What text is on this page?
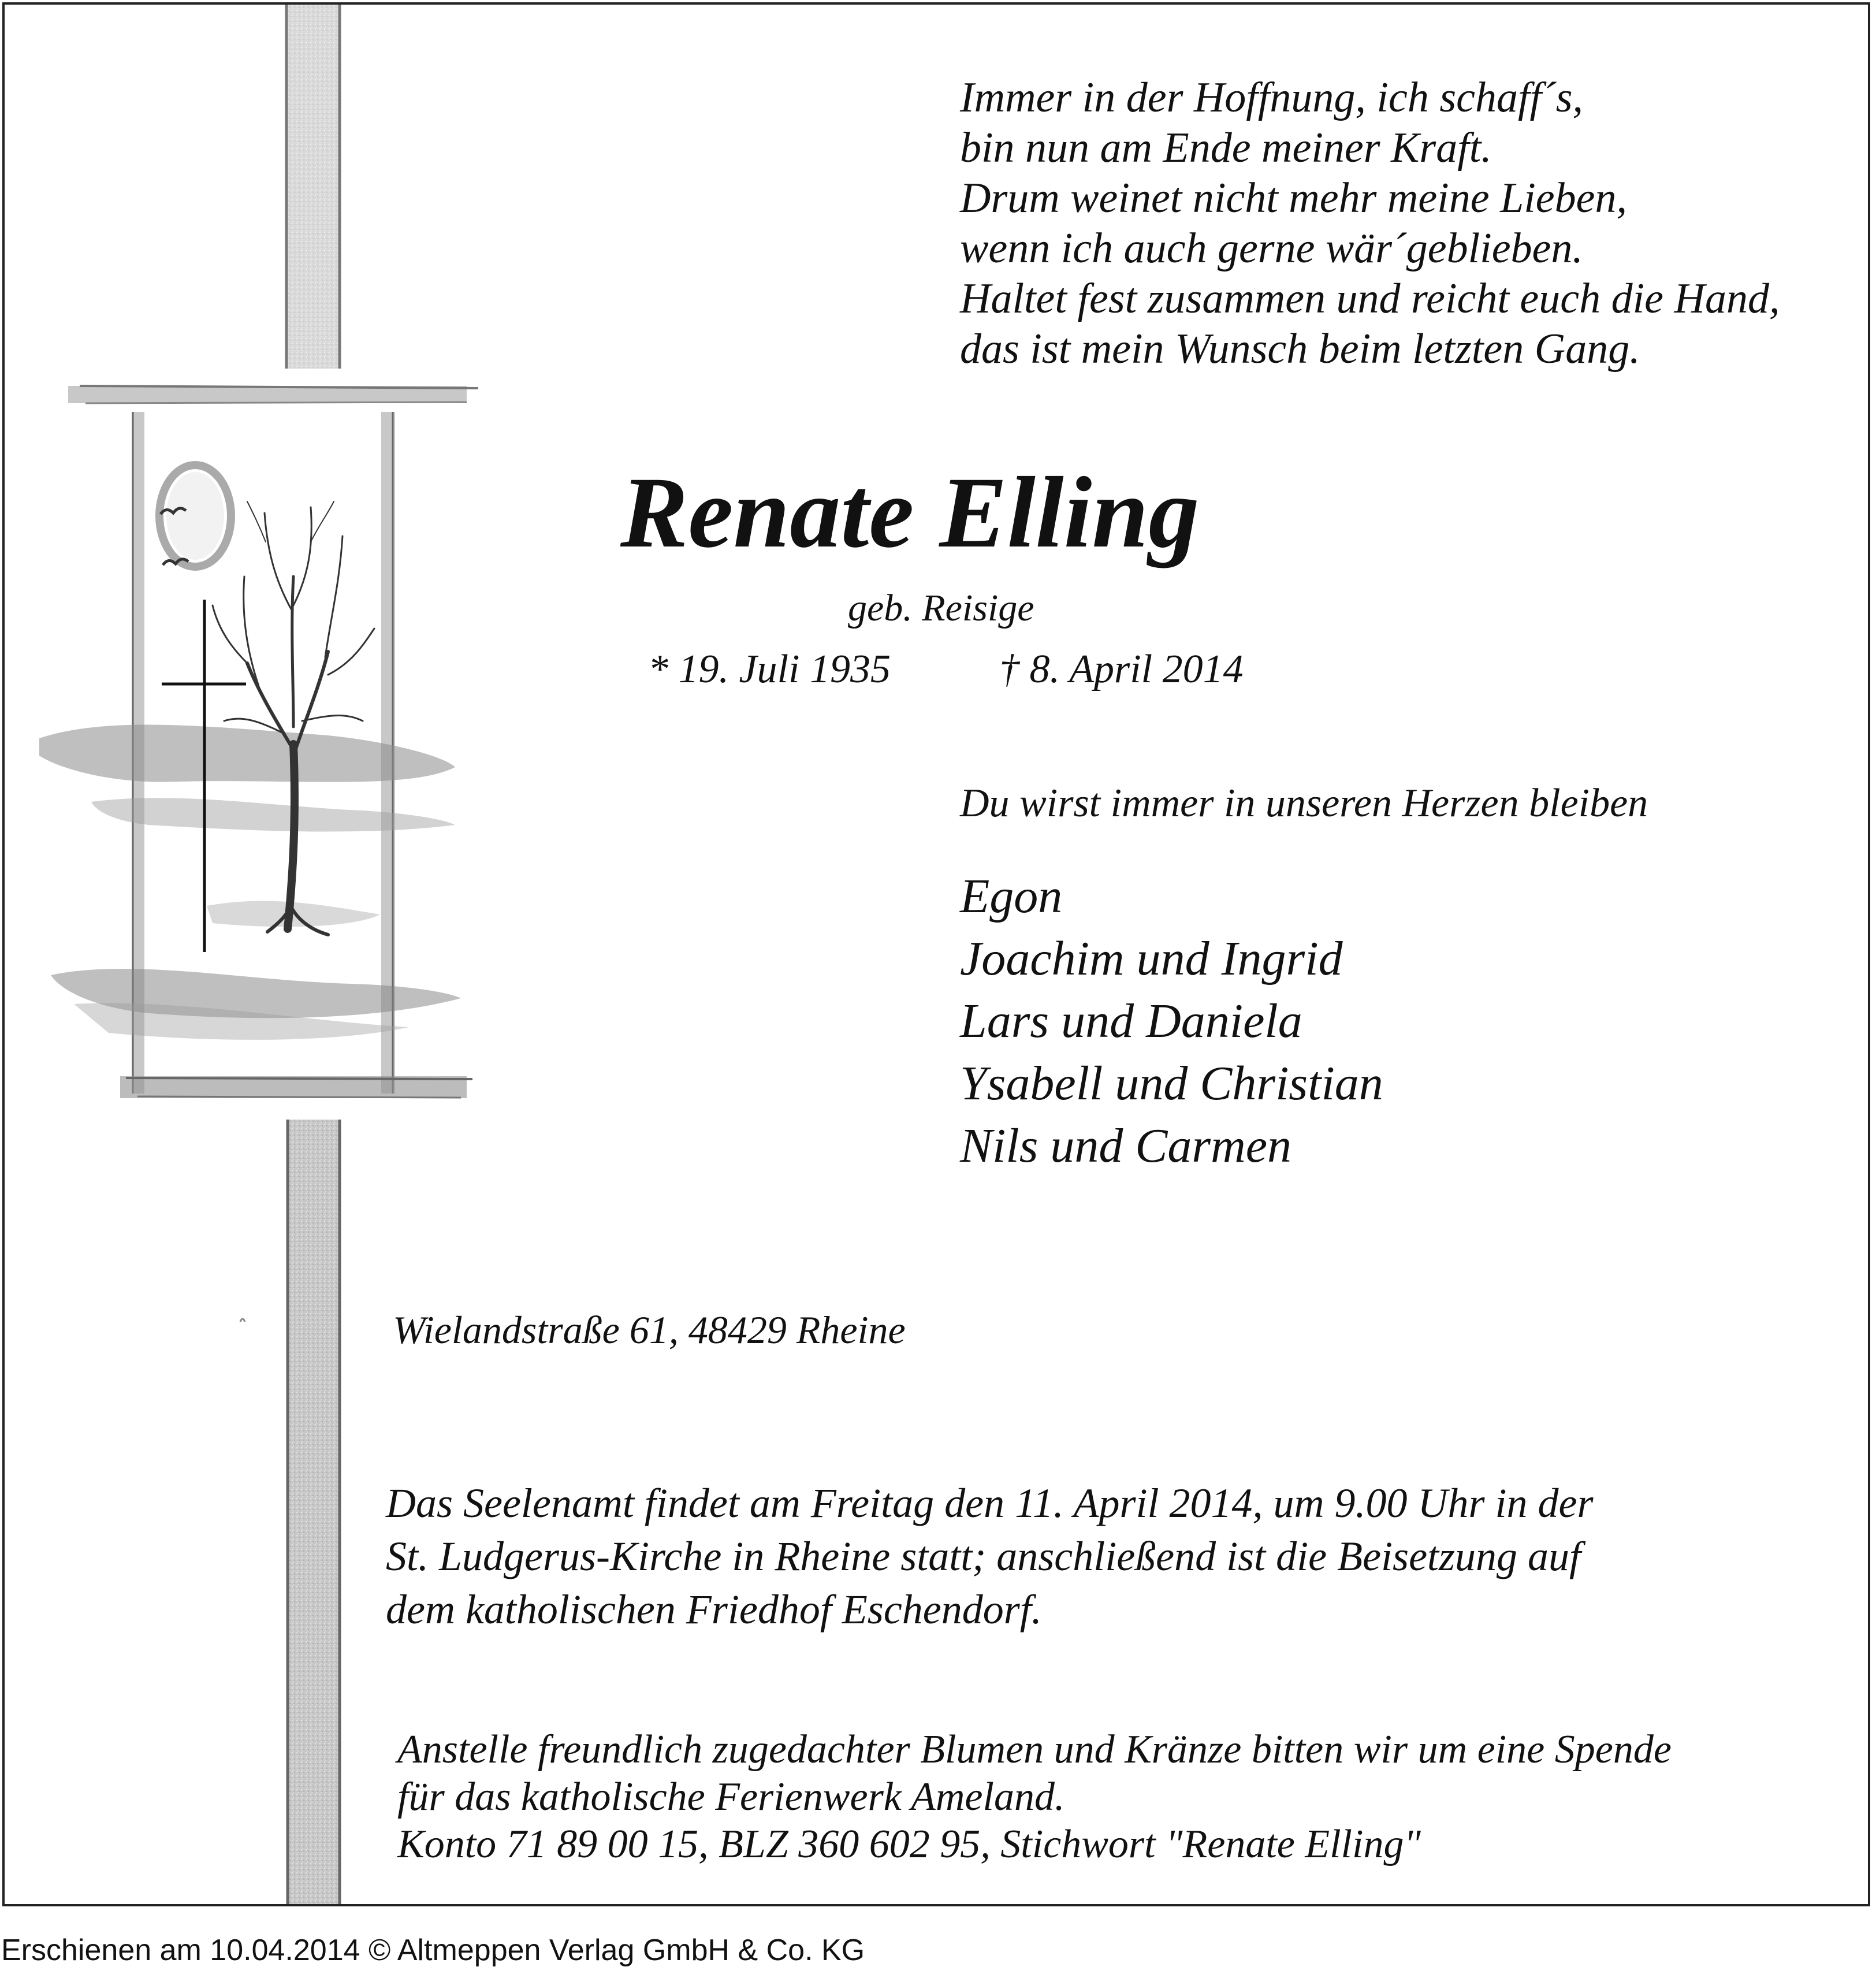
Immer in der Hoffnung, ich schaff´s,
bin nun am Ende meiner Kraft.
Drum weinet nicht mehr meine Lieben,
wenn ich auch gerne wär´geblieben.
Haltet fest zusammen und reicht euch die Hand,
das ist mein Wunsch beim letzten Gang.
Renate Elling
geb. Reisige
* 19. Juli 1935	† 8. April 2014
Du wirst immer in unseren Herzen bleiben
Egon
Joachim und Ingrid
Lars und Daniela
Ysabell und Christian
Nils und Carmen
Wielandstraße 61, 48429 Rheine
Das Seelenamt findet am Freitag den 11. April 2014, um 9.00 Uhr in der
St. Ludgerus-Kirche in Rheine statt; anschließend ist die Beisetzung auf
dem katholischen Friedhof Eschendorf.
Anstelle freundlich zugedachter Blumen und Kränze bitten wir um eine Spende
für das katholische Ferienwerk Ameland.
Konto 71 89 00 15, BLZ 360 602 95, Stichwort "Renate Elling"

Erschienen am 10.04.2014 © Altmeppen Verlag GmbH & Co. KG
